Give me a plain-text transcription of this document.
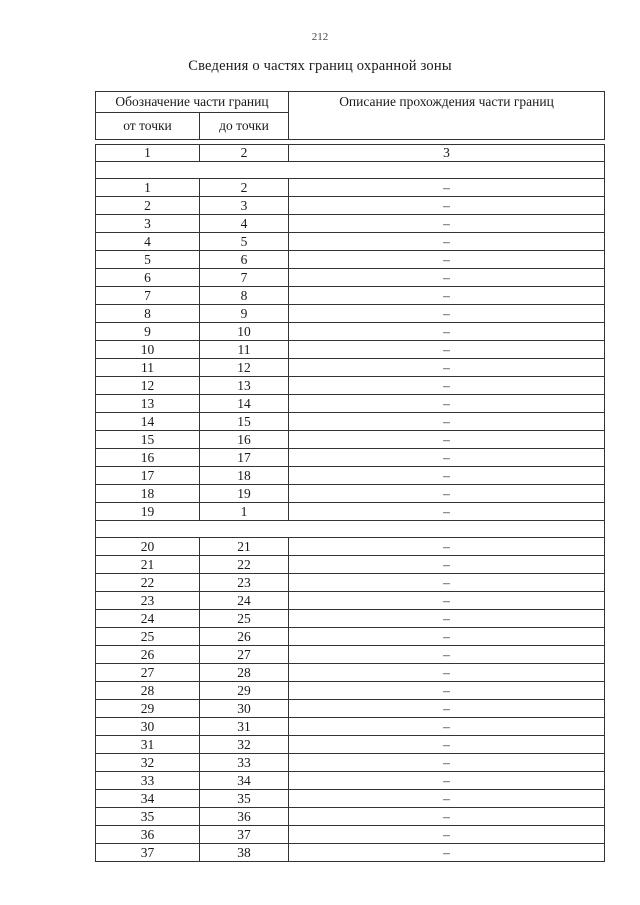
212
Сведения о частях границ охранной зоны
Обозначение части границ		Описание прохождения части границ
от точки	до точки	

1	2	3

1	2	–
2	3	–
3	4	–
4	5	–
5	6	–
6	7	–
7	8	–
8	9	–
9	10	–
10	11	–
11	12	–
12	13	–
13	14	–
14	15	–
15	16	–
16	17	–
17	18	–
18	19	–
19	1	–

20	21	–
21	22	–
22	23	–
23	24	–
24	25	–
25	26	–
26	27	–
27	28	–
28	29	–
29	30	–
30	31	–
31	32	–
32	33	–
33	34	–
34	35	–
35	36	–
36	37	–
37	38	–
